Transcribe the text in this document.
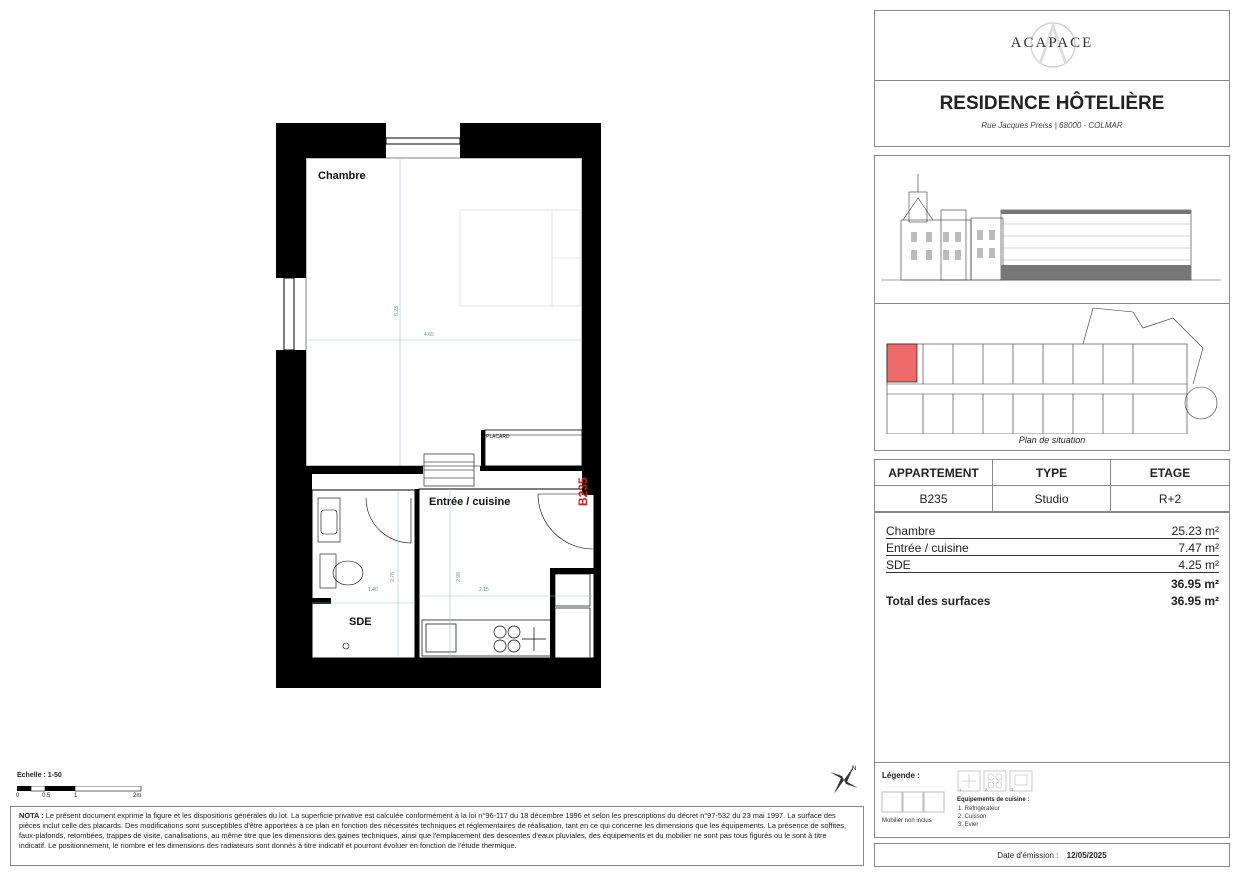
Chambre
Entrée / cuisine
SDE
PLACARD
B235
4.65
5.23
1.40
2.76
2.15
2.98
ACAPACE
RESIDENCE HÔTELIÈRE
Rue Jacques Preiss | 68000 - COLMAR
Plan de situation
APPARTEMENT	TYPE	ETAGE
B235	Studio	R+2
Chambre	25.23 m²
Entrée / cuisine	7.47 m²
SDE	4.25 m²
36.95 m²
Total des surfaces	36.95 m²
Légende :
Mobilier non inclus
1.	2.	3.
Equipements de cuisine :
1. Réfrigérateur
2. Cuisson
3. Evier
Date d'émission : 12/05/2025
Echelle : 1-50
0	0.5	1	2m
N
NOTA : Le présent document exprime la figure et les dispositions générales du lot. La superficie privative est calculée conformément à la loi n°96-117 du 18 décembre 1996 et selon les prescriptions du décret n°97-532 du 23 mai 1997. La surface des pièces inclut celle des placards. Des modifications sont susceptibles d'être apportées à ce plan en fonction des nécessités techniques et réglementaires de réalisation, tant en ce qui concerne les dimensions que les équipements. La présence de soffites, faux-plafonds, retombées, trappes de visite, canalisations, au même titre que les dimensions des gaines techniques, ainsi que l'emplacement des descentes d'eaux pluviales, des équipements et du mobilier ne sont pas tous figurés ou le sont à titre indicatif. Le positionnement, le nombre et les dimensions des radiateurs sont donnés à titre indicatif et pourront évoluer en fonction de l'étude thermique.
